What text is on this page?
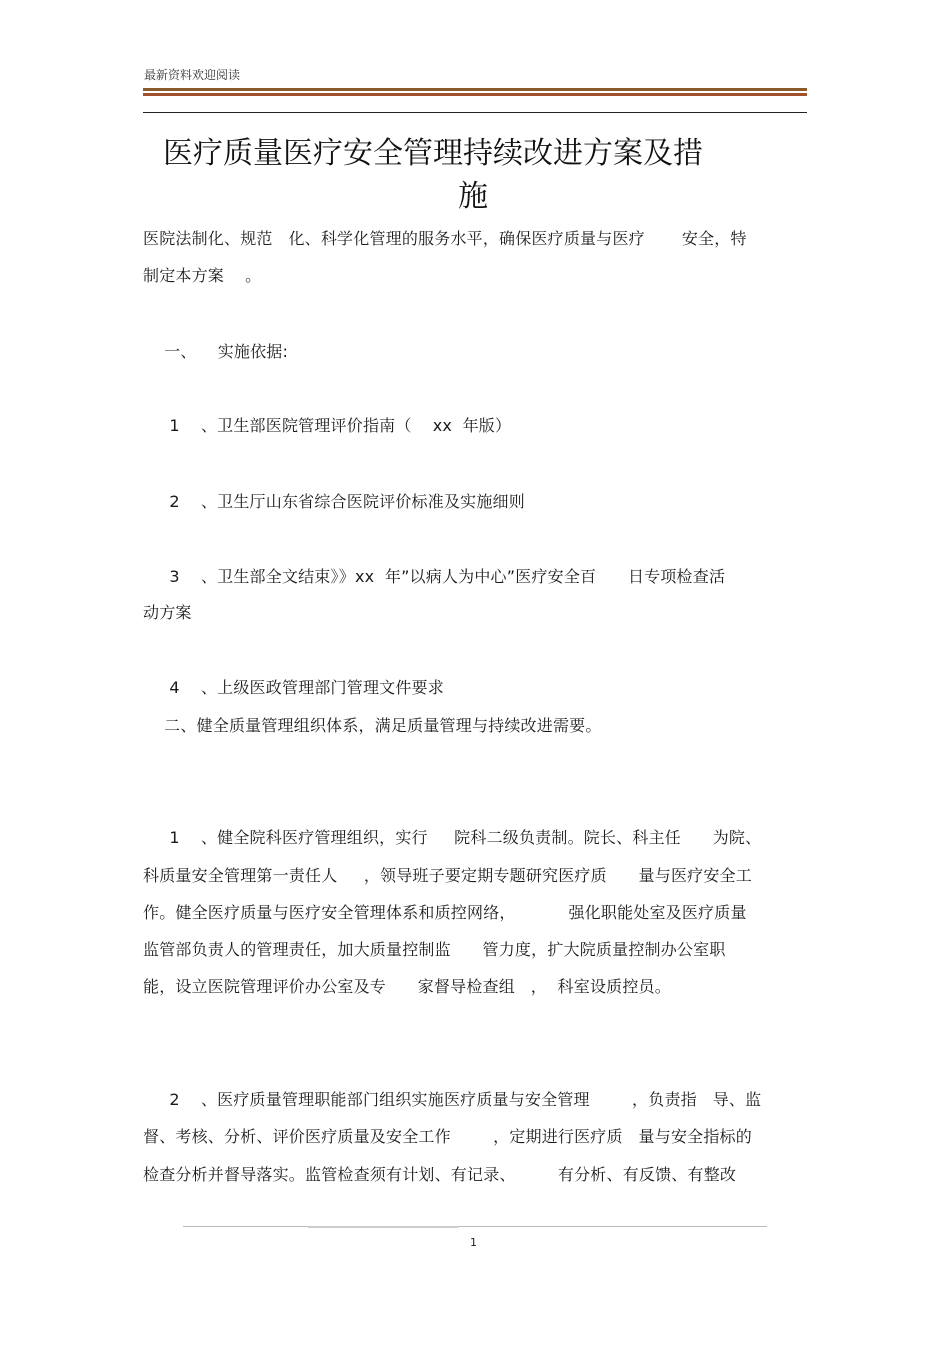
最新资料欢迎阅读
医疗质量医疗安全管理持续改进方案及措
施
医院法制化、规范   化、科学化管理的服务水平，确保医疗质量与医疗       安全，特
制定本方案    。
一、    实施依据:
1    、卫生部医院管理评价指南（    xx  年版）
2    、卫生厅山东省综合医院评价标准及实施细则
3    、卫生部全文结束》》xx  年”以病人为中心”医疗安全百      日专项检查活
动方案
4    、上级医政管理部门管理文件要求
二、健全质量管理组织体系，满足质量管理与持续改进需要。
1    、健全院科医疗管理组织，实行     院科二级负责制。院长、科主任      为院、
科质量安全管理第一责任人     ，领导班子要定期专题研究医疗质      量与医疗安全工
作。健全医疗质量与医疗安全管理体系和质控网络，          强化职能处室及医疗质量
监管部负责人的管理责任，加大质量控制监      管力度，扩大院质量控制办公室职
能，设立医院管理评价办公室及专      家督导检查组   ，  科室设质控员。
2    、医疗质量管理职能部门组织实施医疗质量与安全管理        ，负责指   导、监
督、考核、分析、评价医疗质量及安全工作        ，定期进行医疗质   量与安全指标的
检查分析并督导落实。监管检查须有计划、有记录、        有分析、有反馈、有整改
1
